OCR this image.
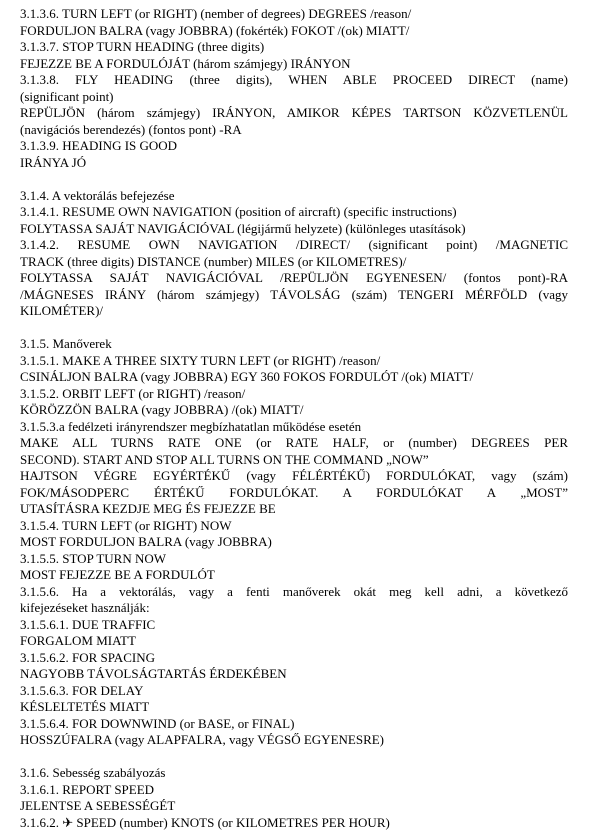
3.1.3.6. TURN LEFT (or RIGHT) (nember of degrees) DEGREES /reason/
FORDULJON BALRA (vagy JOBBRA) (fokérték) FOKOT /(ok) MIATT/
3.1.3.7. STOP TURN HEADING (three digits)
FEJEZZE BE A FORDULÓJÁT (három számjegy) IRÁNYON
3.1.3.8. FLY HEADING (three digits), WHEN ABLE PROCEED DIRECT (name)
(significant point)
REPÜLJÖN (három számjegy) IRÁNYON, AMIKOR KÉPES TARTSON KÖZVETLENÜL
(navigációs berendezés) (fontos pont) -RA
3.1.3.9. HEADING IS GOOD
IRÁNYA JÓ
3.1.4. A vektorálás befejezése
3.1.4.1. RESUME OWN NAVIGATION (position of aircraft) (specific instructions)
FOLYTASSA SAJÁT NAVIGÁCIÓVAL (légijármű helyzete) (különleges utasítások)
3.1.4.2. RESUME OWN NAVIGATION /DIRECT/ (significant point) /MAGNETIC
TRACK (three digits) DISTANCE (number) MILES (or KILOMETRES)/
FOLYTASSA SAJÁT NAVIGÁCIÓVAL /REPÜLJÖN EGYENESEN/ (fontos pont)-RA
/MÁGNESES IRÁNY (három számjegy) TÁVOLSÁG (szám) TENGERI MÉRFÖLD (vagy
KILOMÉTER)/
3.1.5. Manőverek
3.1.5.1. MAKE A THREE SIXTY TURN LEFT (or RIGHT) /reason/
CSINÁLJON BALRA (vagy JOBBRA) EGY 360 FOKOS FORDULÓT /(ok) MIATT/
3.1.5.2. ORBIT LEFT (or RIGHT) /reason/
KÖRÖZZÖN BALRA (vagy JOBBRA) /(ok) MIATT/
3.1.5.3.a fedélzeti irányrendszer megbízhatatlan működése esetén
MAKE ALL TURNS RATE ONE (or RATE HALF, or (number) DEGREES PER
SECOND). START AND STOP ALL TURNS ON THE COMMAND „NOW”
HAJTSON VÉGRE EGYÉRTÉKŰ (vagy FÉLÉRTÉKŰ) FORDULÓKAT, vagy (szám)
FOK/MÁSODPERC ÉRTÉKŰ FORDULÓKAT. A FORDULÓKAT A „MOST”
UTASÍTÁSRA KEZDJE MEG ÉS FEJEZZE BE
3.1.5.4. TURN LEFT (or RIGHT) NOW
MOST FORDULJON BALRA (vagy JOBBRA)
3.1.5.5. STOP TURN NOW
MOST FEJEZZE BE A FORDULÓT
3.1.5.6. Ha a vektorálás, vagy a fenti manőverek okát meg kell adni, a következő
kifejezéseket használják:
3.1.5.6.1. DUE TRAFFIC
FORGALOM MIATT
3.1.5.6.2. FOR SPACING
NAGYOBB TÁVOLSÁGTARTÁS ÉRDEKÉBEN
3.1.5.6.3. FOR DELAY
KÉSLELTETÉS MIATT
3.1.5.6.4. FOR DOWNWIND (or BASE, or FINAL)
HOSSZÚFALRA (vagy ALAPFALRA, vagy VÉGSŐ EGYENESRE)
3.1.6. Sebesség szabályozás
3.1.6.1. REPORT SPEED
JELENTSE A SEBESSÉGÉT
3.1.6.2. ✈ SPEED (number) KNOTS (or KILOMETRES PER HOUR)
